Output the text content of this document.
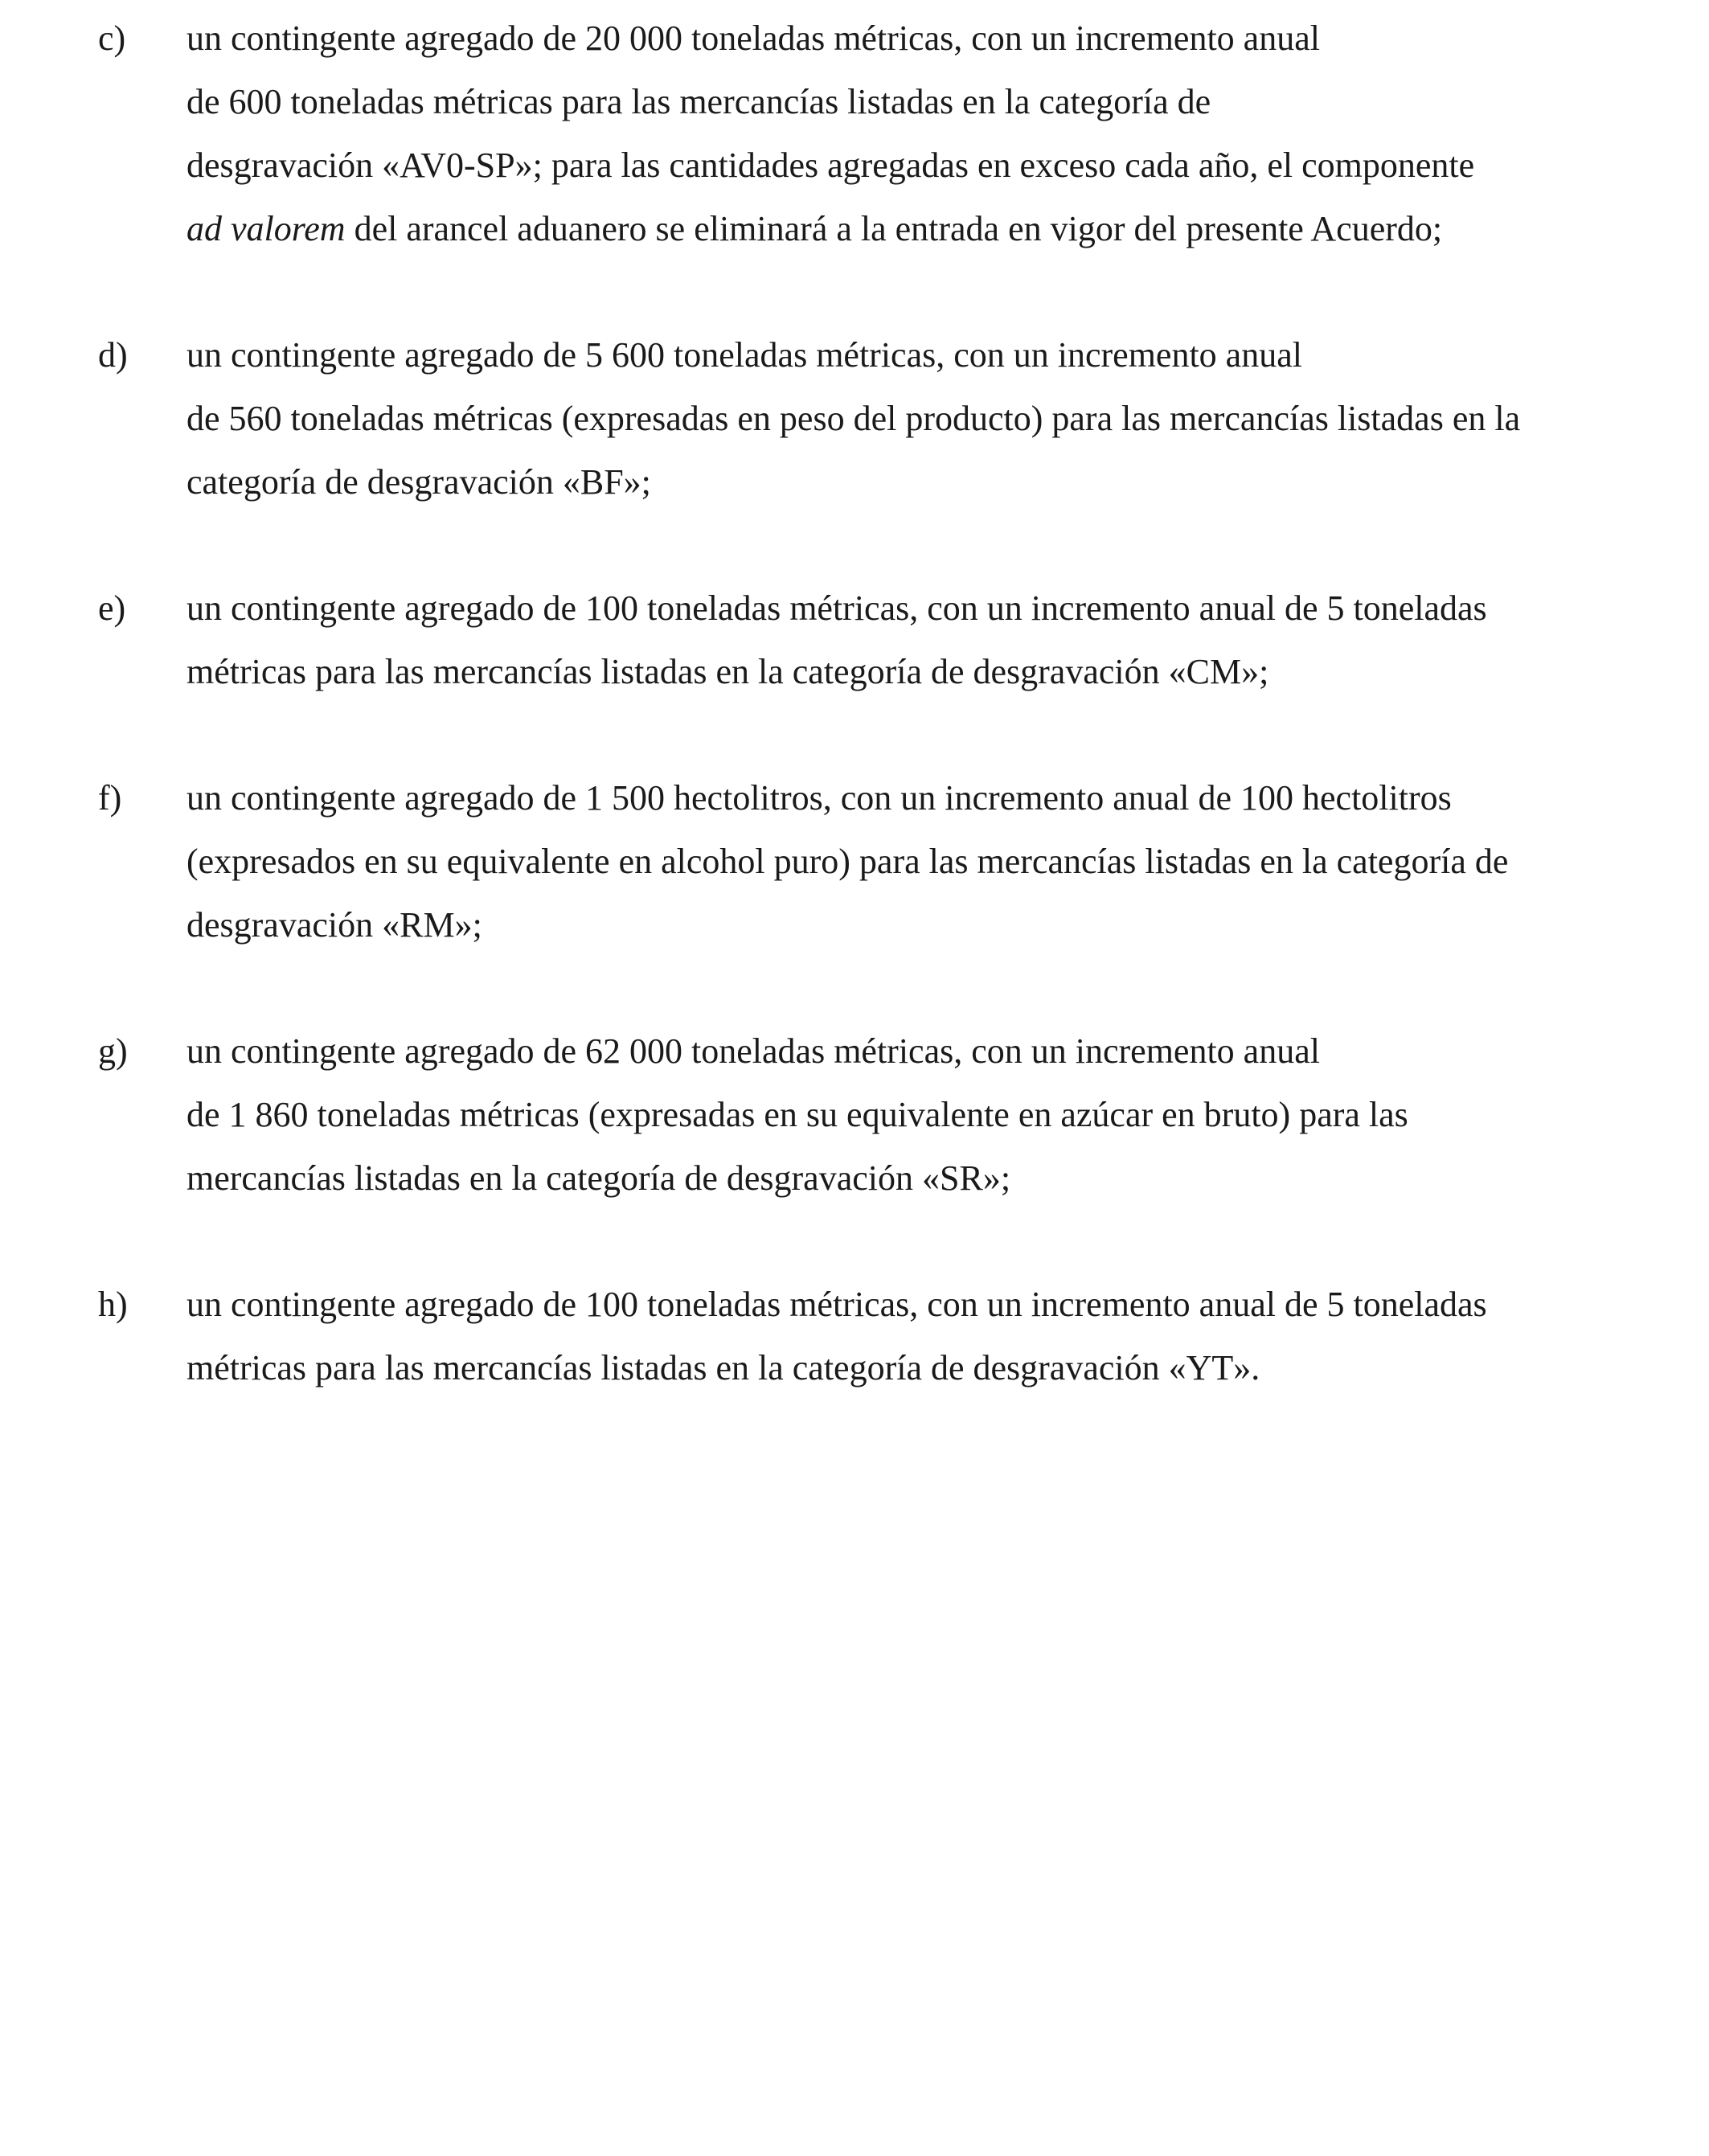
c) un contingente agregado de 20 000 toneladas métricas, con un incremento anual
de 600 toneladas métricas para las mercancías listadas en la categoría de
desgravación «AV0-SP»; para las cantidades agregadas en exceso cada año, el componente
ad valorem del arancel aduanero se eliminará a la entrada en vigor del presente Acuerdo;
d) un contingente agregado de 5 600 toneladas métricas, con un incremento anual
de 560 toneladas métricas (expresadas en peso del producto) para las mercancías listadas en la
categoría de desgravación «BF»;
e) un contingente agregado de 100 toneladas métricas, con un incremento anual de 5 toneladas
métricas para las mercancías listadas en la categoría de desgravación «CM»;
f) un contingente agregado de 1 500 hectolitros, con un incremento anual de 100 hectolitros
(expresados en su equivalente en alcohol puro) para las mercancías listadas en la categoría de
desgravación «RM»;
g) un contingente agregado de 62 000 toneladas métricas, con un incremento anual
de 1 860 toneladas métricas (expresadas en su equivalente en azúcar en bruto) para las
mercancías listadas en la categoría de desgravación «SR»;
h) un contingente agregado de 100 toneladas métricas, con un incremento anual de 5 toneladas
métricas para las mercancías listadas en la categoría de desgravación «YT».
